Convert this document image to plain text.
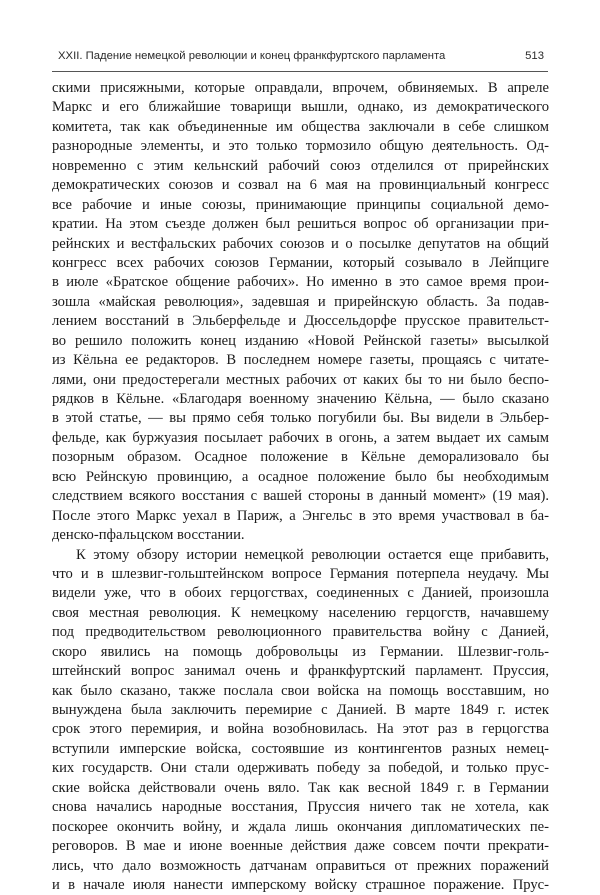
XXII. Падение немецкой революции и конец франкфуртского парламента	513
скими присяжными, которые оправдали, впрочем, обвиняемых. В апреле
Маркс и его ближайшие товарищи вышли, однако, из демократического
комитета, так как объединенные им общества заключали в себе слишком
разнородные элементы, и это только тормозило общую деятельность. Од-
новременно с этим кельнский рабочий союз отделился от прирейнских
демократических союзов и созвал на 6 мая на провинциальный конгресс
все рабочие и иные союзы, принимающие принципы социальной демо-
кратии. На этом съезде должен был решиться вопрос об организации при-
рейнских и вестфальских рабочих союзов и о посылке депутатов на общий
конгресс всех рабочих союзов Германии, который созывало в Лейпциге
в июле «Братское общение рабочих». Но именно в это самое время прои-
зошла «майская революция», задевшая и прирейнскую область. За подав-
лением восстаний в Эльберфельде и Дюссельдорфе прусское правительст-
во решило положить конец изданию «Новой Рейнской газеты» высылкой
из Кёльна ее редакторов. В последнем номере газеты, прощаясь с читате-
лями, они предостерегали местных рабочих от каких бы то ни было беспо-
рядков в Кёльне. «Благодаря военному значению Кёльна, — было сказано
в этой статье, — вы прямо себя только погубили бы. Вы видели в Эльбер-
фельде, как буржуазия посылает рабочих в огонь, а затем выдает их самым
позорным образом. Осадное положение в Кёльне деморализовало бы
всю Рейнскую провинцию, а осадное положение было бы необходимым
следствием всякого восстания с вашей стороны в данный момент» (19 мая).
После этого Маркс уехал в Париж, а Энгельс в это время участвовал в ба-
денско-пфальцском восстании.
К этому обзору истории немецкой революции остается еще прибавить,
что и в шлезвиг-гольштейнском вопросе Германия потерпела неудачу. Мы
видели уже, что в обоих герцогствах, соединенных с Данией, произошла
своя местная революция. К немецкому населению герцогств, начавшему
под предводительством революционного правительства войну с Данией,
скоро явились на помощь добровольцы из Германии. Шлезвиг-голь-
штейнский вопрос занимал очень и франкфуртский парламент. Пруссия,
как было сказано, также послала свои войска на помощь восставшим, но
вынуждена была заключить перемирие с Данией. В марте 1849 г. истек
срок этого перемирия, и война возобновилась. На этот раз в герцогства
вступили имперские войска, состоявшие из контингентов разных немец-
ких государств. Они стали одерживать победу за победой, и только прус-
ские войска действовали очень вяло. Так как весной 1849 г. в Германии
снова начались народные восстания, Пруссия ничего так не хотела, как
поскорее окончить войну, и ждала лишь окончания дипломатических пе-
реговоров. В мае и июне военные действия даже совсем почти прекрати-
лись, что дало возможность датчанам оправиться от прежних поражений
и в начале июля нанести имперскому войску страшное поражение. Прус-
